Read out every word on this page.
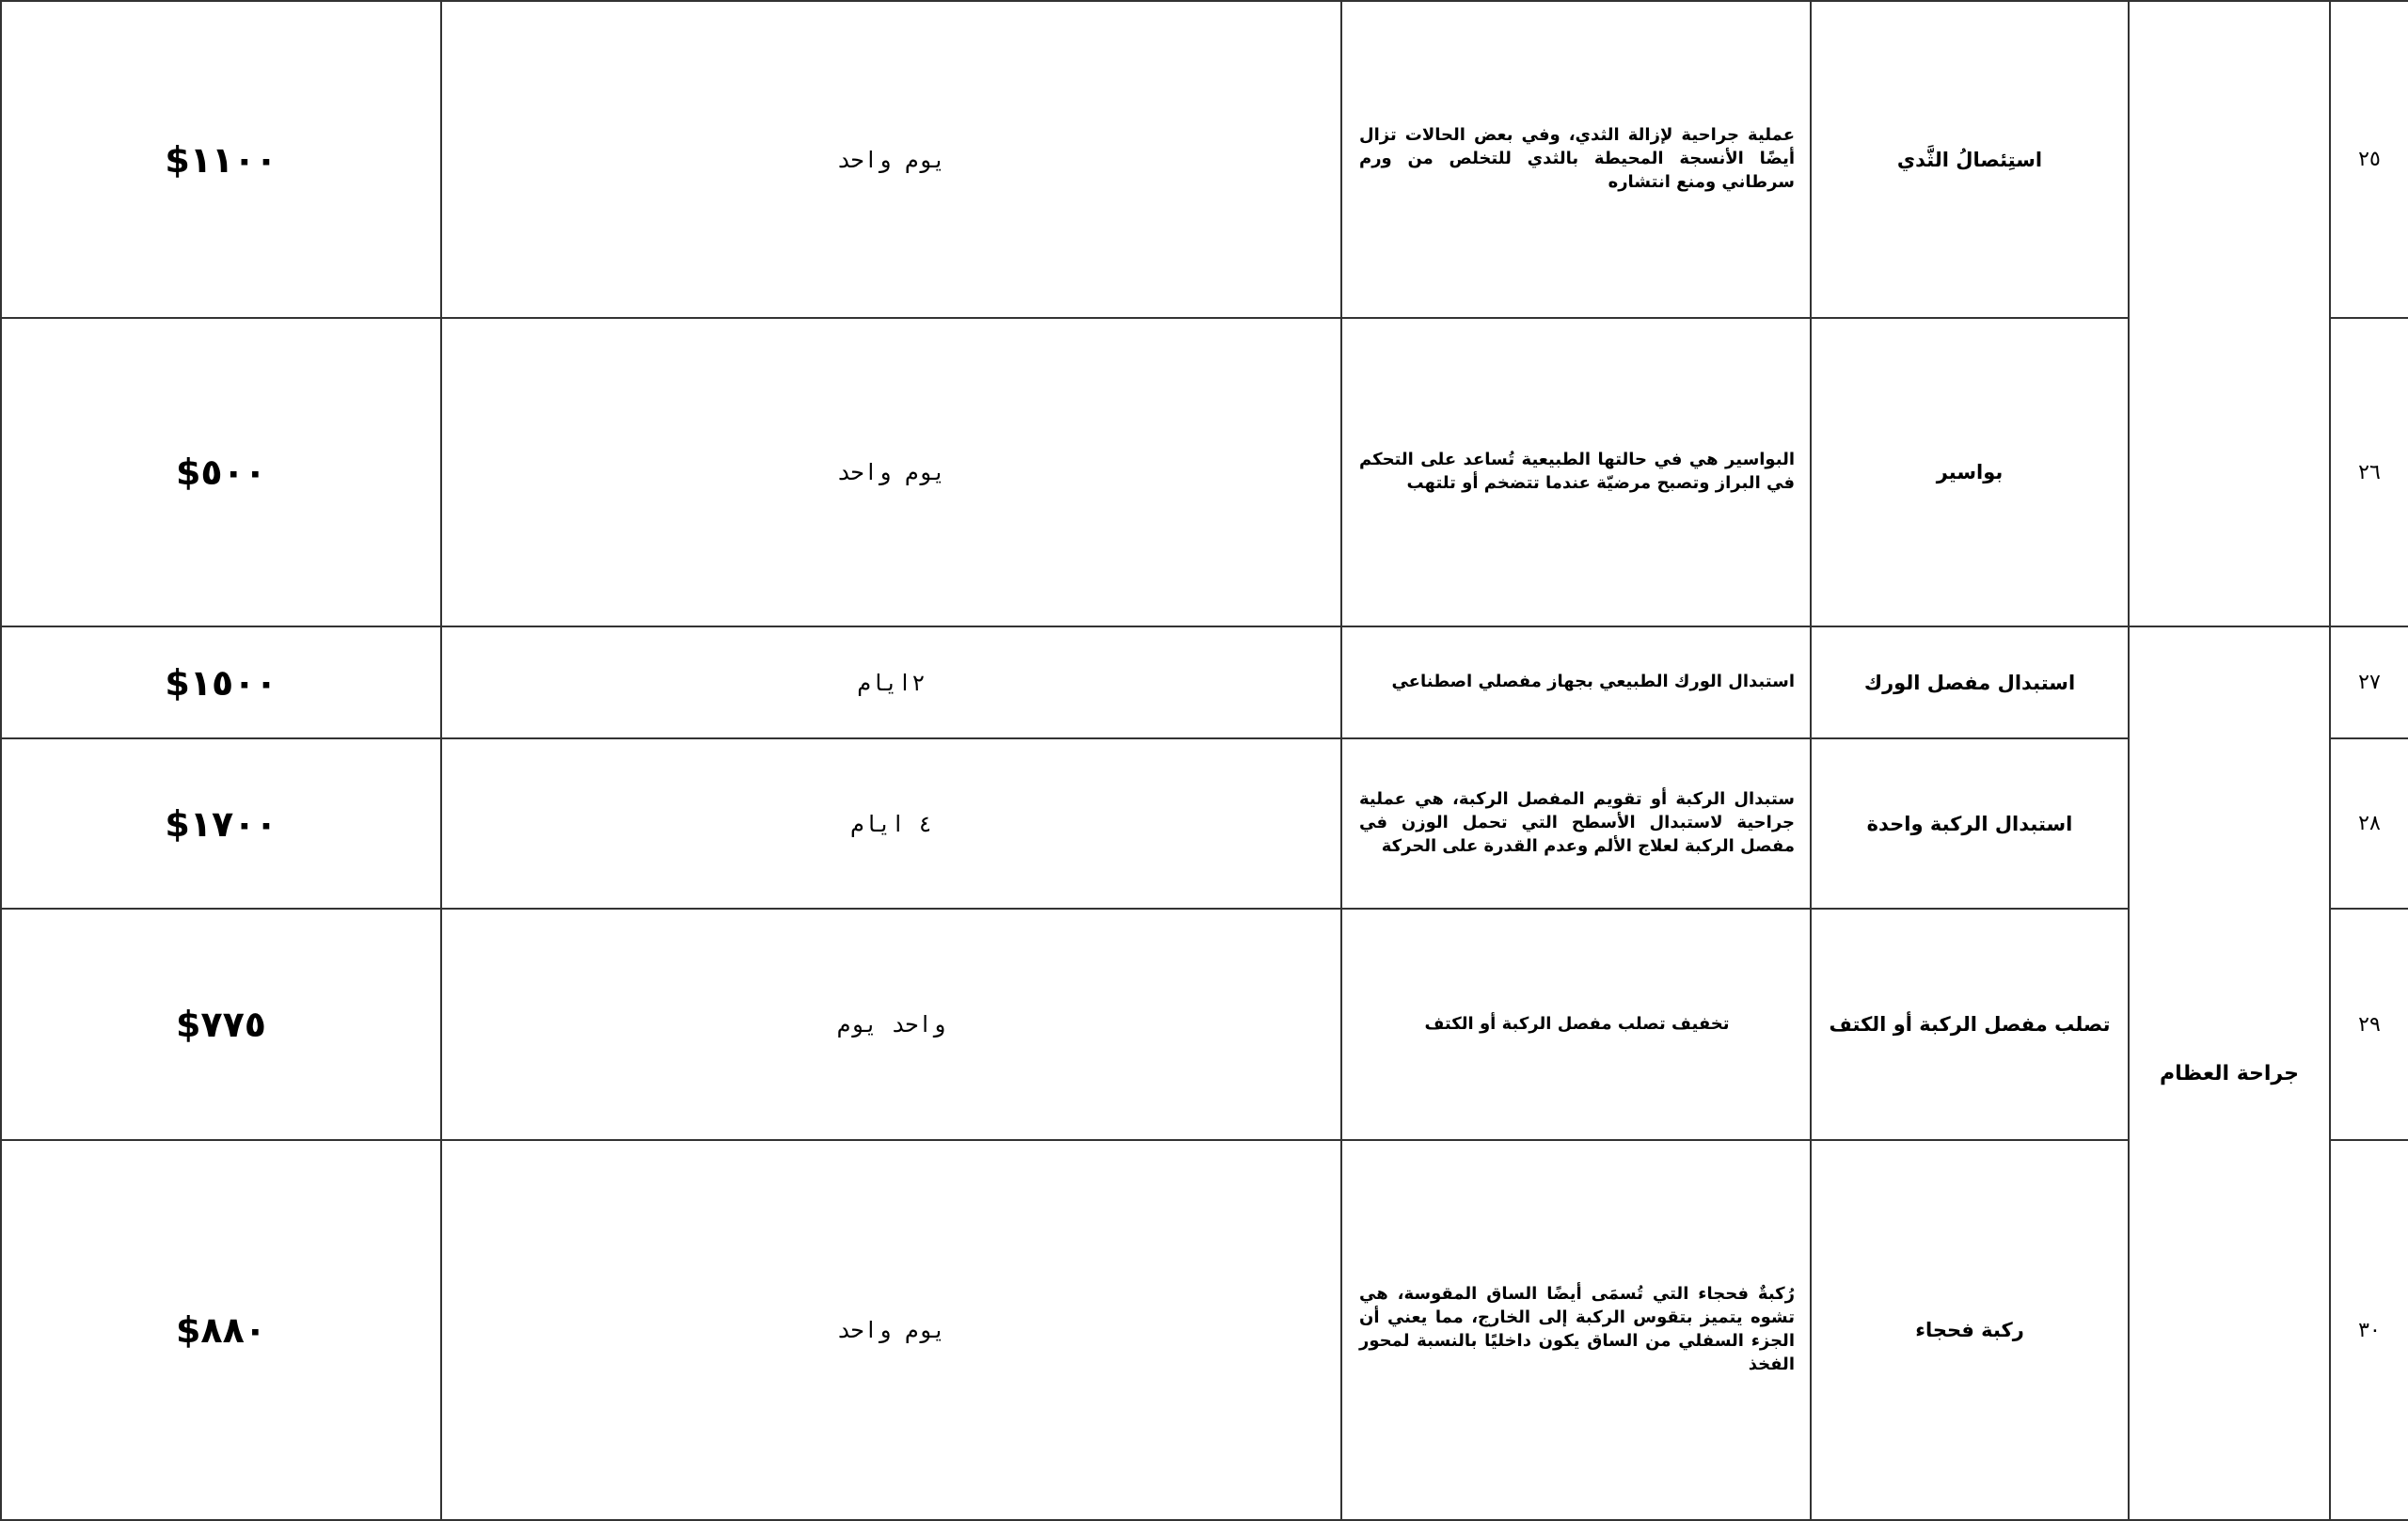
$١١٠٠	يوم واحد	عملية جراحية لإزالة الثدي، وفي بعض الحالات تزال أيضًا الأنسجة المحيطة بالثدي للتخلص من ورم سرطاني ومنع انتشاره	استِئصالُ الثَّدي		٢٥
$٥٠٠	يوم واحد	البواسير هي في حالتها الطبيعية تُساعد على التحكم في البراز وتصبح مرضيّة عندما تتضخم أو تلتهب	بواسير		٢٦
$١٥٠٠	٢ايام	استبدال الورك الطبيعي بجهاز مفصلي اصطناعي	استبدال مفصل الورك	جراحة العظام	٢٧
$١٧٠٠	٤ ايام	ستبدال الركبة أو تقويم المفصل الركبة، هي عملية جراحية لاستبدال الأسطح التي تحمل الوزن في مفصل الركبة لعلاج الألم وعدم القدرة على الحركة	استبدال الركبة واحدة		٢٨
$٧٧٥	واحد يوم	تخفيف تصلب مفصل الركبة أو الكتف	تصلب مفصل الركبة أو الكتف		٢٩
$٨٨٠	يوم واحد	رُكبةٌ فحجاء التي تُسمَى أيضًا الساق المقوسة، هي تشوه يتميز بتقوس الركبة إلى الخارج، مما يعني أن الجزء السفلي من الساق يكون داخليًا بالنسبة لمحور الفخذ	ركبة فحجاء		٣٠
